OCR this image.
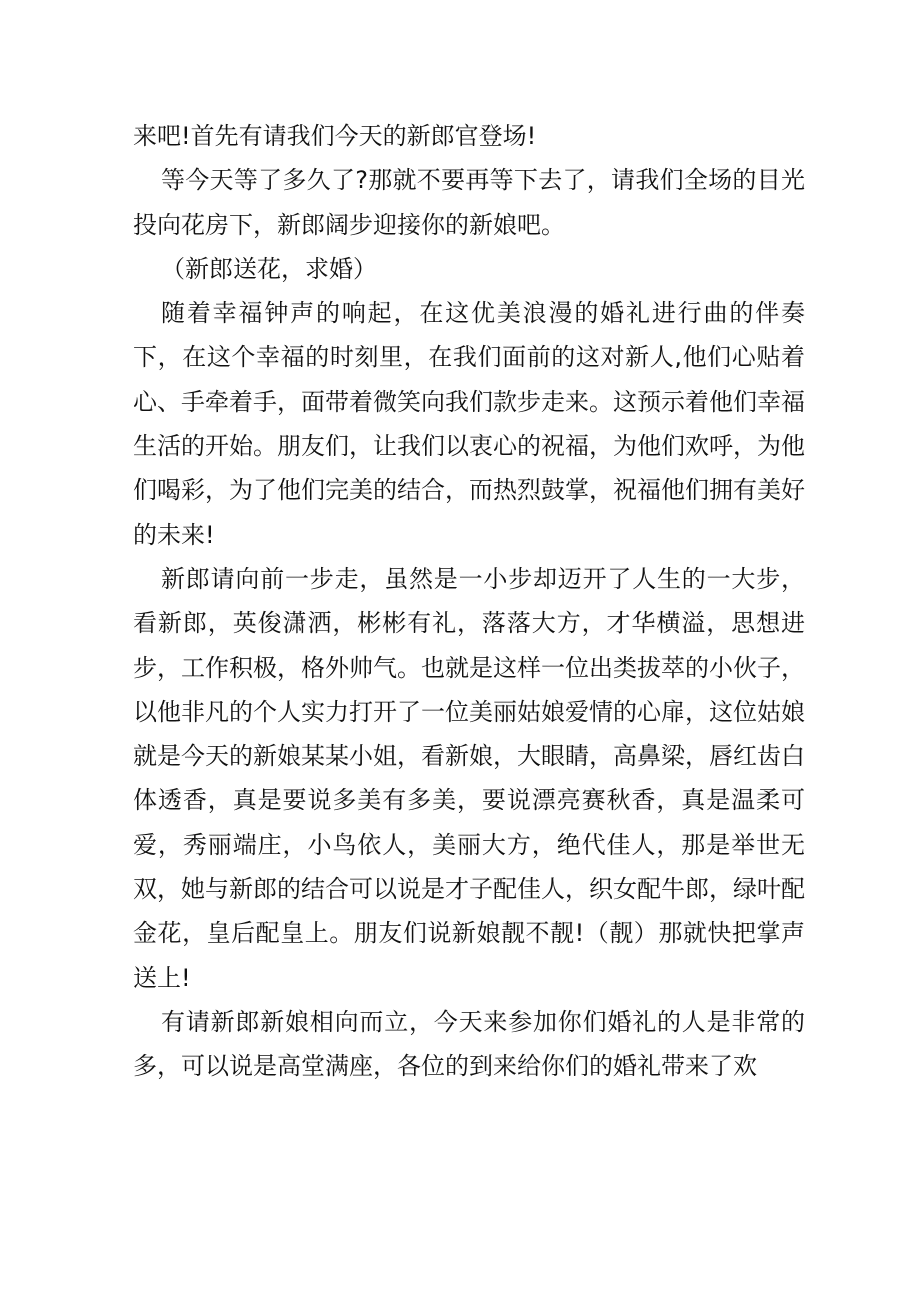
来吧!首先有请我们今天的新郎官登场!

等今天等了多久了?那就不要再等下去了，请我们全场的目光投向花房下，新郎阔步迎接你的新娘吧。

（新郎送花，求婚）

随着幸福钟声的响起，在这优美浪漫的婚礼进行曲的伴奏下，在这个幸福的时刻里，在我们面前的这对新人,他们心贴着心、手牵着手，面带着微笑向我们款步走来。这预示着他们幸福生活的开始。朋友们，让我们以衷心的祝福，为他们欢呼，为他们喝彩，为了他们完美的结合，而热烈鼓掌，祝福他们拥有美好的未来!

新郎请向前一步走，虽然是一小步却迈开了人生的一大步，看新郎，英俊潇洒，彬彬有礼，落落大方，才华横溢，思想进步，工作积极，格外帅气。也就是这样一位出类拔萃的小伙子，以他非凡的个人实力打开了一位美丽姑娘爱情的心扉，这位姑娘就是今天的新娘某某小姐，看新娘，大眼睛，高鼻梁，唇红齿白体透香，真是要说多美有多美，要说漂亮赛秋香，真是温柔可爱，秀丽端庄，小鸟依人，美丽大方，绝代佳人，那是举世无双，她与新郎的结合可以说是才子配佳人，织女配牛郎，绿叶配金花，皇后配皇上。朋友们说新娘靓不靓!（靓）那就快把掌声送上!

有请新郎新娘相向而立，今天来参加你们婚礼的人是非常的多，可以说是高堂满座，各位的到来给你们的婚礼带来了欢
